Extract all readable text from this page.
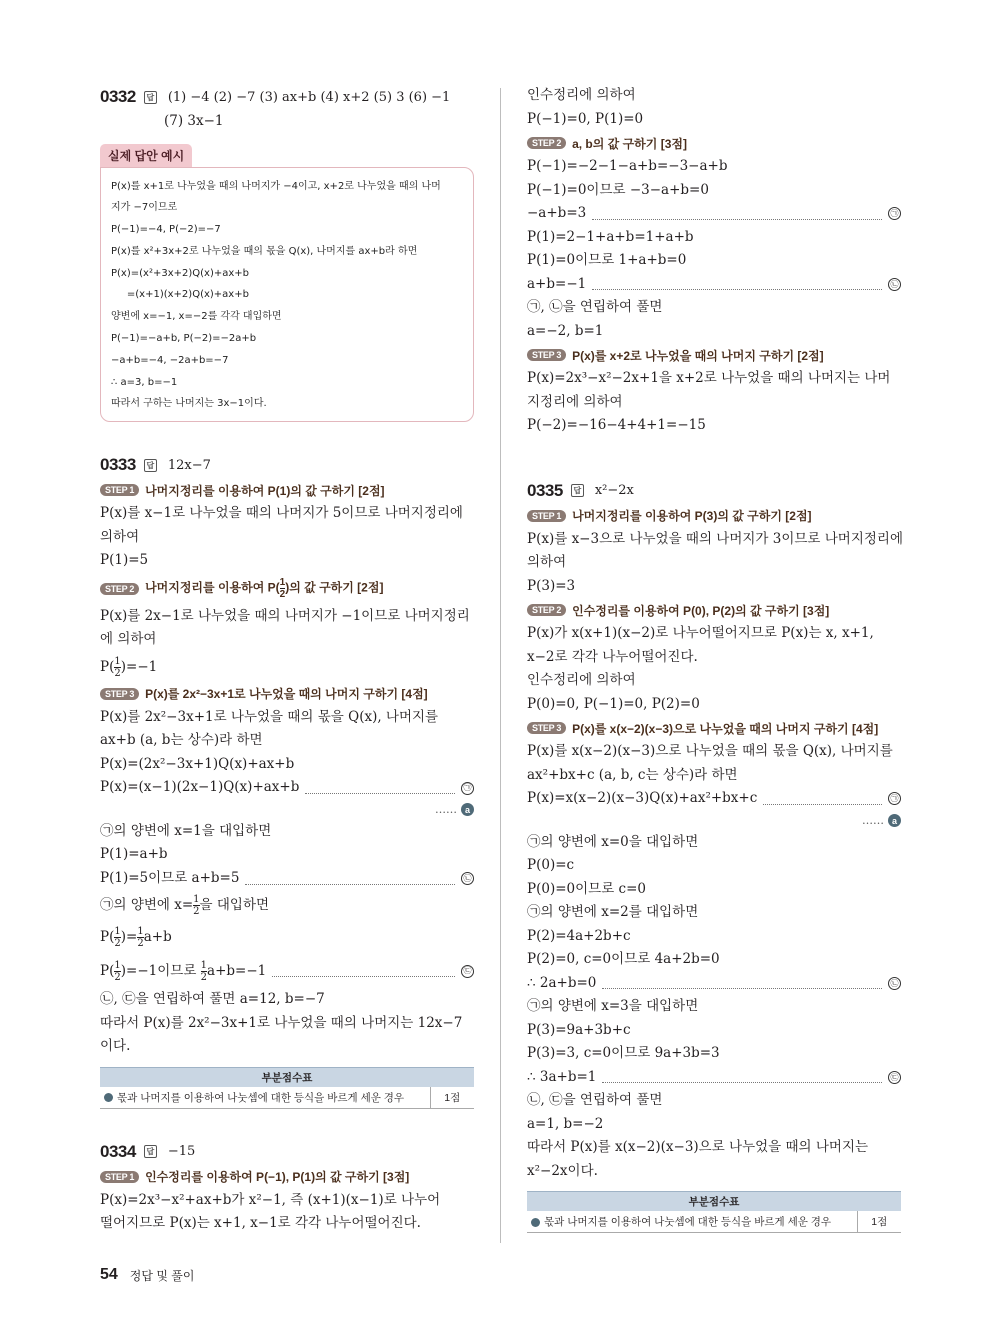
0332	답 (1) −4 (2) −7 (3) ax+b (4) x+2 (5) 3 (6) −1
(7) 3x−1
실제 답안 예시
P(x)를 x+1로 나누었을 때의 나머지가 −4이고, x+2로 나누었을 때의 나머
지가 −7이므로
P(−1)=−4, P(−2)=−7
P(x)를 x²+3x+2로 나누었을 때의 몫을 Q(x), 나머지를 ax+b라 하면
P(x)=(x²+3x+2)Q(x)+ax+b
=(x+1)(x+2)Q(x)+ax+b
양변에 x=−1, x=−2를 각각 대입하면
P(−1)=−a+b, P(−2)=−2a+b
−a+b=−4, −2a+b=−7
∴ a=3, b=−1
따라서 구하는 나머지는 3x−1이다.
0333	답 12x−7
STEP 1 나머지정리를 이용하여 P(1)의 값 구하기 [2점]
P(x)를 x−1로 나누었을 때의 나머지가 5이므로 나머지정리에
의하여
P(1)=5
STEP 2 나머지정리를 이용하여 $P( \frac{1}{2}$ )의 값 구하기 [2점]
P(x)를 2x−1로 나누었을 때의 나머지가 −1이므로 나머지정리
에 의하여
$P( \frac{1}{2} )=-1$
STEP 3 P(x)를 2x²−3x+1로 나누었을 때의 나머지 구하기 [4점]
P(x)를 2x²−3x+1로 나누었을 때의 몫을 Q(x), 나머지를
ax+b (a, b는 상수)라 하면
P(x)=(2x²−3x+1)Q(x)+ax+b
P(x)=(x−1)(2x−1)Q(x)+ax+b	㉠
…… a
㉠의 양변에 x=1을 대입하면
P(1)=a+b
P(1)=5이므로 a+b=5	㉡
㉠의 양변에 $x= \frac{1}{2}$ 을 대입하면
$P( \frac{1}{2}$ )= $\frac{1}{2} a+b$
$P( \frac{1}{2} )=-1$이므로 $\frac{1}{2} a+b=-1$	㉢
㉡, ㉢을 연립하여 풀면 a=12, b=−7
따라서 P(x)를 2x²−3x+1로 나누었을 때의 나머지는 12x−7
이다.
부분점수표
몫과 나머지를 이용하여 나눗셈에 대한 등식을 바르게 세운 경우	1점
0334	답 −15
STEP 1 인수정리를 이용하여 P(−1), P(1)의 값 구하기 [3점]
P(x)=2x³−x²+ax+b가 x²−1, 즉 (x+1)(x−1)로 나누어
떨어지므로 P(x)는 x+1, x−1로 각각 나누어떨어진다.
인수정리에 의하여
P(−1)=0, P(1)=0
STEP 2 a, b의 값 구하기 [3점]
P(−1)=−2−1−a+b=−3−a+b
P(−1)=0이므로 −3−a+b=0
−a+b=3	㉠
P(1)=2−1+a+b=1+a+b
P(1)=0이므로 1+a+b=0
a+b=−1	㉡
㉠, ㉡을 연립하여 풀면
a=−2, b=1
STEP 3 P(x)를 x+2로 나누었을 때의 나머지 구하기 [2점]
P(x)=2x³−x²−2x+1을 x+2로 나누었을 때의 나머지는 나머
지정리에 의하여
P(−2)=−16−4+4+1=−15
0335	답 x²−2x
STEP 1 나머지정리를 이용하여 P(3)의 값 구하기 [2점]
P(x)를 x−3으로 나누었을 때의 나머지가 3이므로 나머지정리에
의하여
P(3)=3
STEP 2 인수정리를 이용하여 P(0), P(2)의 값 구하기 [3점]
P(x)가 x(x+1)(x−2)로 나누어떨어지므로 P(x)는 x, x+1,
x−2로 각각 나누어떨어진다.
인수정리에 의하여
P(0)=0, P(−1)=0, P(2)=0
STEP 3 P(x)를 x(x−2)(x−3)으로 나누었을 때의 나머지 구하기 [4점]
P(x)를 x(x−2)(x−3)으로 나누었을 때의 몫을 Q(x), 나머지를
ax²+bx+c (a, b, c는 상수)라 하면
P(x)=x(x−2)(x−3)Q(x)+ax²+bx+c	㉠
…… a
㉠의 양변에 x=0을 대입하면
P(0)=c
P(0)=0이므로 c=0
㉠의 양변에 x=2를 대입하면
P(2)=4a+2b+c
P(2)=0, c=0이므로 4a+2b=0
∴ 2a+b=0	㉡
㉠의 양변에 x=3을 대입하면
P(3)=9a+3b+c
P(3)=3, c=0이므로 9a+3b=3
∴ 3a+b=1	㉢
㉡, ㉢을 연립하여 풀면
a=1, b=−2
따라서 P(x)를 x(x−2)(x−3)으로 나누었을 때의 나머지는
x²−2x이다.
부분점수표
몫과 나머지를 이용하여 나눗셈에 대한 등식을 바르게 세운 경우	1점
54 정답 및 풀이
